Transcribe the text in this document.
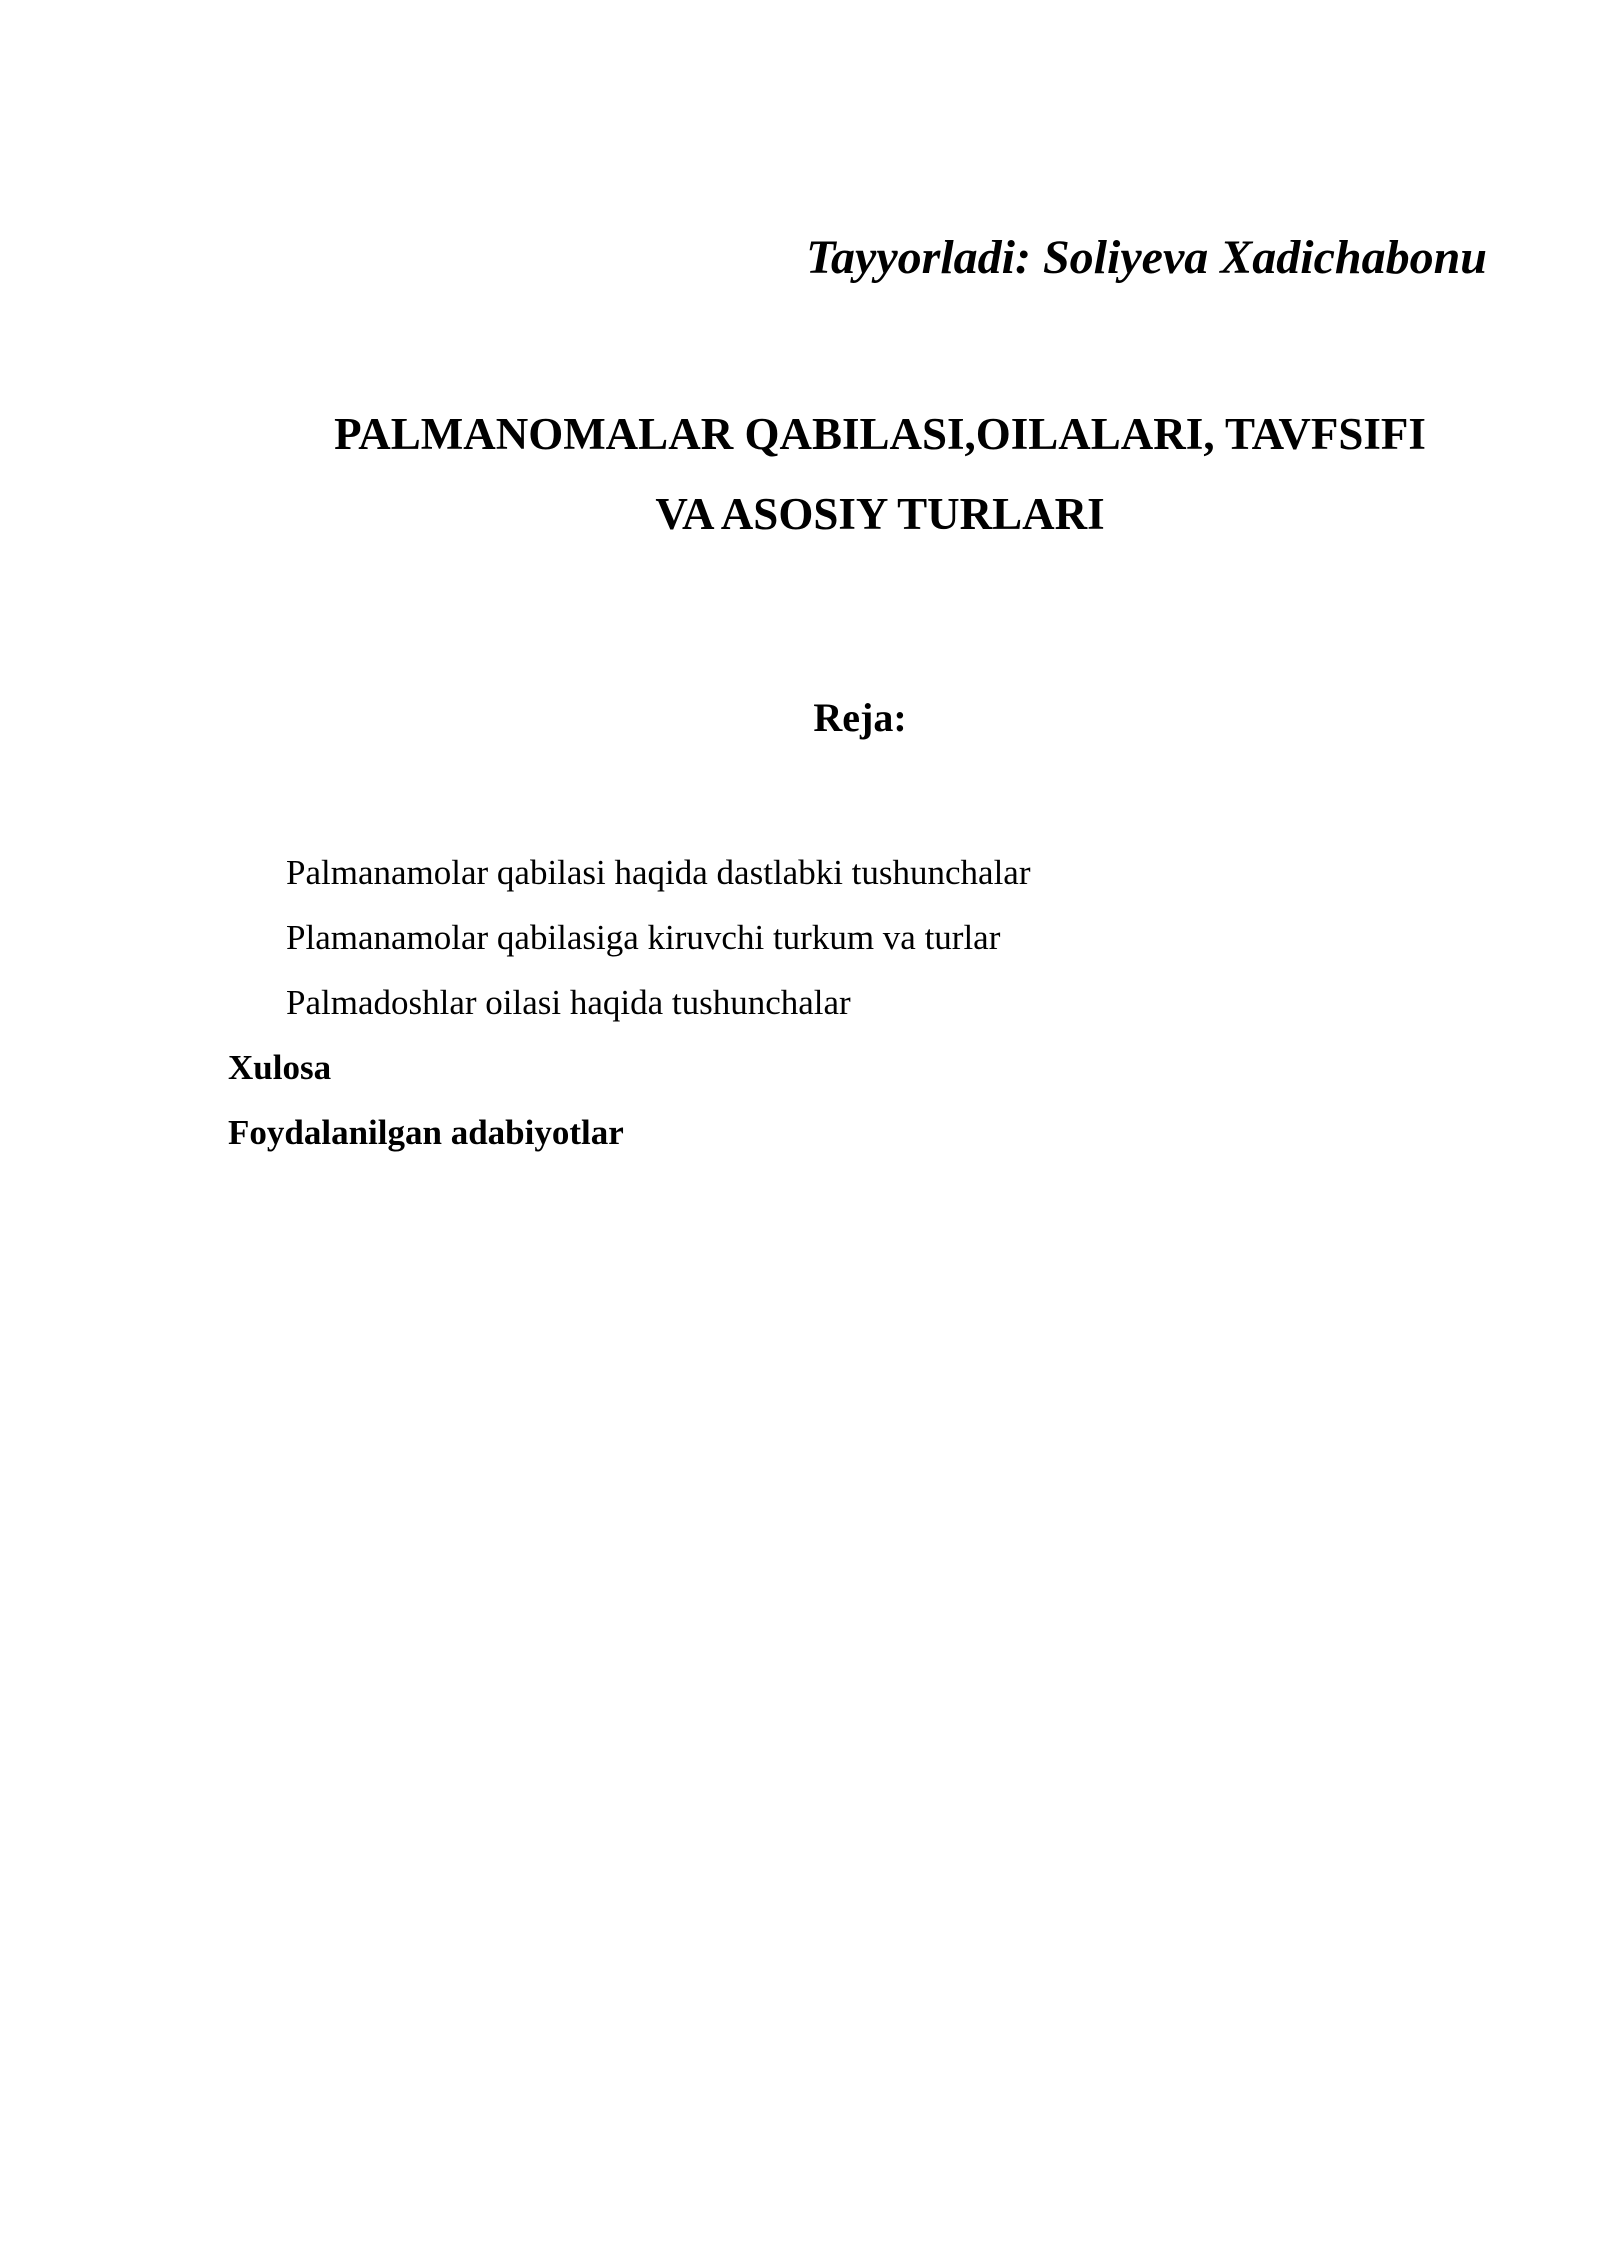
Tayyorladi: Soliyeva Xadichabonu
PALMANOMALAR QABILASI,OILALARI, TAVFSIFI
VA ASOSIY TURLARI
Reja:
Palmanamolar qabilasi haqida dastlabki tushunchalar
Plamanamolar qabilasiga kiruvchi turkum va turlar
Palmadoshlar oilasi haqida tushunchalar
Xulosa
Foydalanilgan adabiyotlar
